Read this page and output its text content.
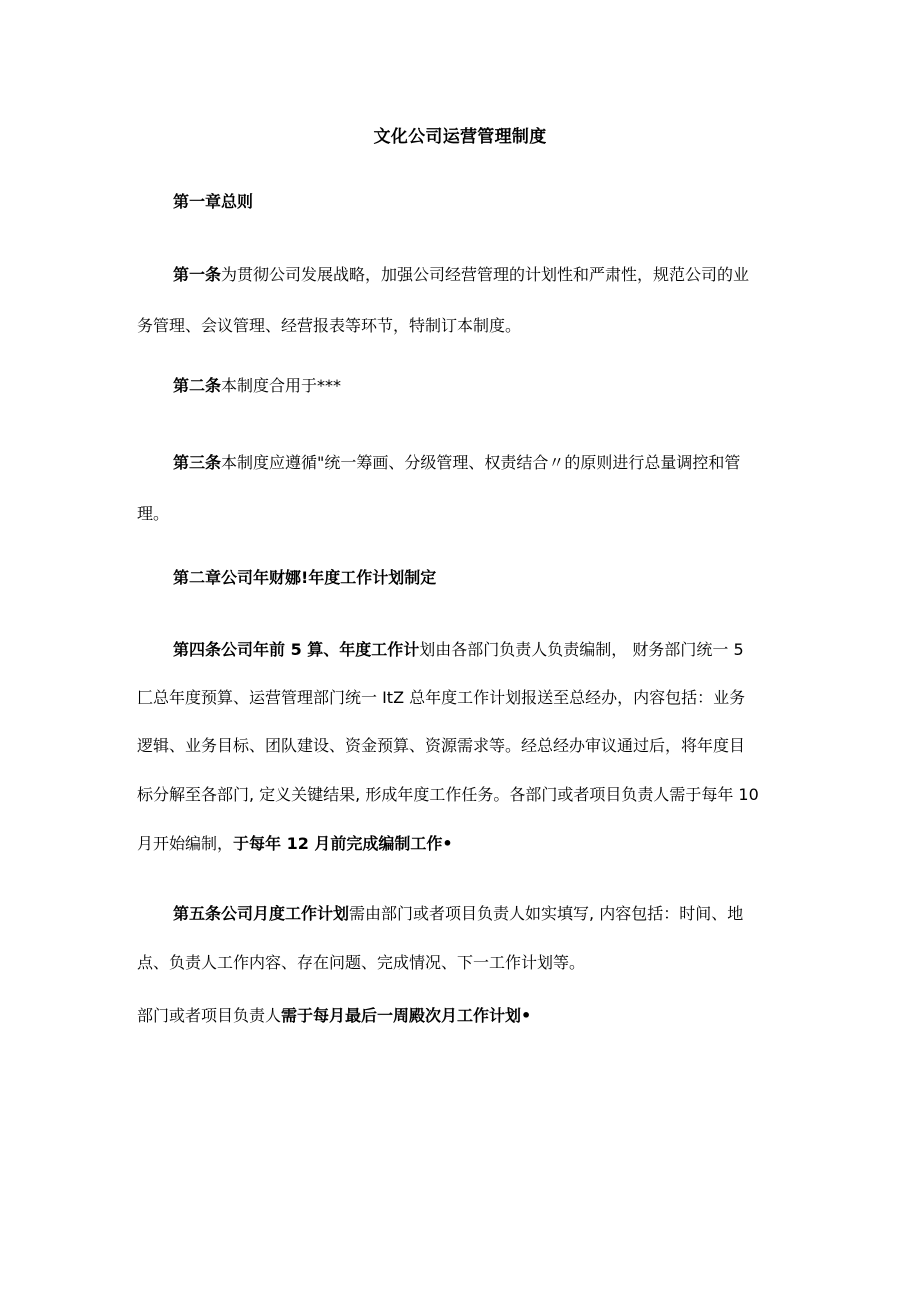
文化公司运营管理制度
第一章总则
第一条为贯彻公司发展战略，加强公司经营管理的计划性和严肃性，规范公司的业
务管理、会议管理、经营报表等环节，特制订本制度。
第二条本制度合用于***
第三条本制度应遵循"统一筹画、分级管理、权责结合〃的原则进行总量调控和管
理。
第二章公司年财娜!年度工作计划制定
第四条公司年前 5 算、年度工作计划由各部门负责人负责编制， 财务部门统一 5
匚总年度预算、运营管理部门统一 ItZ 总年度工作计划报送至总经办，内容包括：业务
逻辑、业务目标、团队建设、资金预算、资源需求等。经总经办审议通过后，将年度目
标分解至各部门, 定义关键结果, 形成年度工作任务。各部门或者项目负责人需于每年 10
月开始编制，于每年 12 月前完成编制工作•
第五条公司月度工作计划需由部门或者项目负责人如实填写, 内容包括：时间、地
点、负责人工作内容、存在问题、完成情况、下一工作计划等。
部门或者项目负责人需于每月最后一周殿次月工作计划•
